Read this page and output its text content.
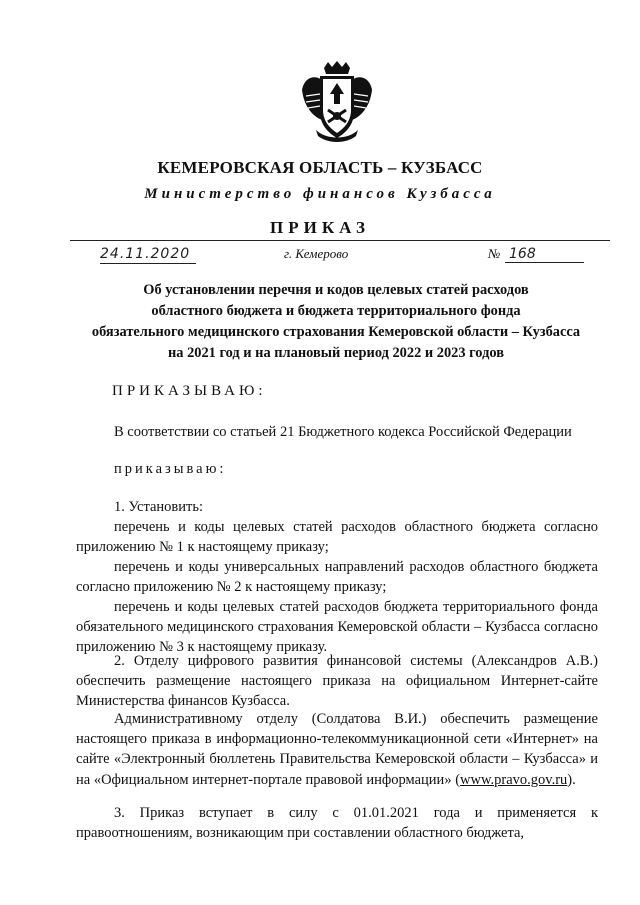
КЕМЕРОВСКАЯ ОБЛАСТЬ – КУЗБАСС
Министерство финансов Кузбасса
ПРИКАЗ
24.11.2020	г. Кемерово	№ 168
Об установлении перечня и кодов целевых статей расходов
областного бюджета и бюджета территориального фонда
обязательного медицинского страхования Кемеровской области – Кузбасса
на 2021 год и на плановый период 2022 и 2023 годов
ПРИКАЗЫВАЮ:

В соответствии со статьей 21 Бюджетного кодекса Российской Федерации

приказываю:

1. Установить:

перечень и коды целевых статей расходов областного бюджета согласно приложению № 1 к настоящему приказу;

перечень и коды универсальных направлений расходов областного бюджета согласно приложению № 2 к настоящему приказу;

перечень и коды целевых статей расходов бюджета территориального фонда обязательного медицинского страхования Кемеровской области – Кузбасса согласно приложению № 3 к настоящему приказу.

2. Отделу цифрового развития финансовой системы (Александров А.В.) обеспечить размещение настоящего приказа на официальном Интернет-сайте Министерства финансов Кузбасса.

Административному отделу (Солдатова В.И.) обеспечить размещение настоящего приказа в информационно-телекоммуникационной сети «Интернет» на сайте «Электронный бюллетень Правительства Кемеровской области – Кузбасса» и на «Официальном интернет-портале правовой информации» (www.pravo.gov.ru).

3. Приказ вступает в силу с 01.01.2021 года и применяется к правоотношениям, возникающим при составлении областного бюджета,
